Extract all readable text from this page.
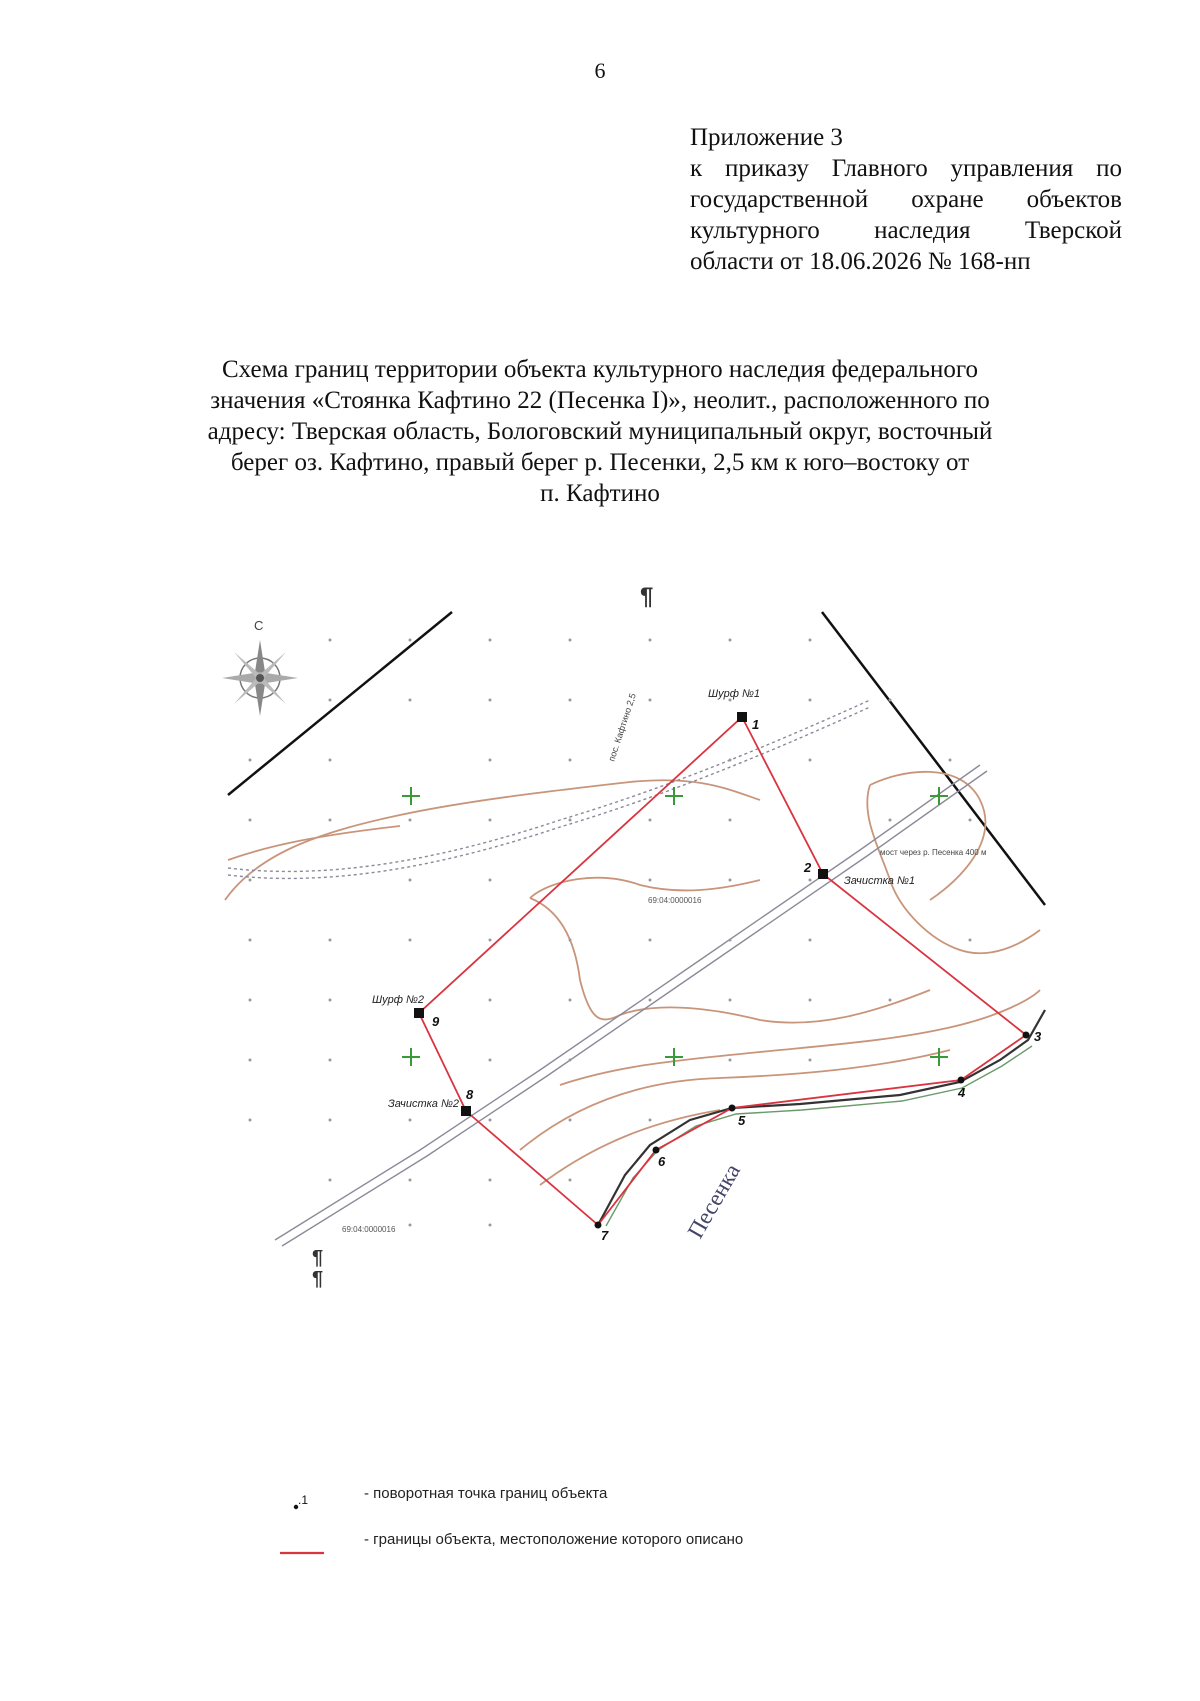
6
Приложение 3
к приказу Главного управления по
государственной охране объектов
культурного наследия Тверской
области от 18.06.2026 № 168-нп
Схема границ территории объекта культурного наследия федерального
значения «Стоянка Кафтино 22 (Песенка I)», неолит., расположенного по
адресу: Тверская область, Бологовский муниципальный округ, восточный
берег оз. Кафтино, правый берег р. Песенки, 2,5 км к юго–востоку от
п. Кафтино
¶
¶
¶
С
Песенка
пос. Кафтино 2,5
мост через р. Песенка 400 м
69:04:0000016
69:04:0000016
1
Шурф №1
2
Зачистка №1
3
4
5
6
7
8
Зачистка №2
9
Шурф №2
.1	- поворотная точка границ объекта
- границы объекта, местоположение которого описано
